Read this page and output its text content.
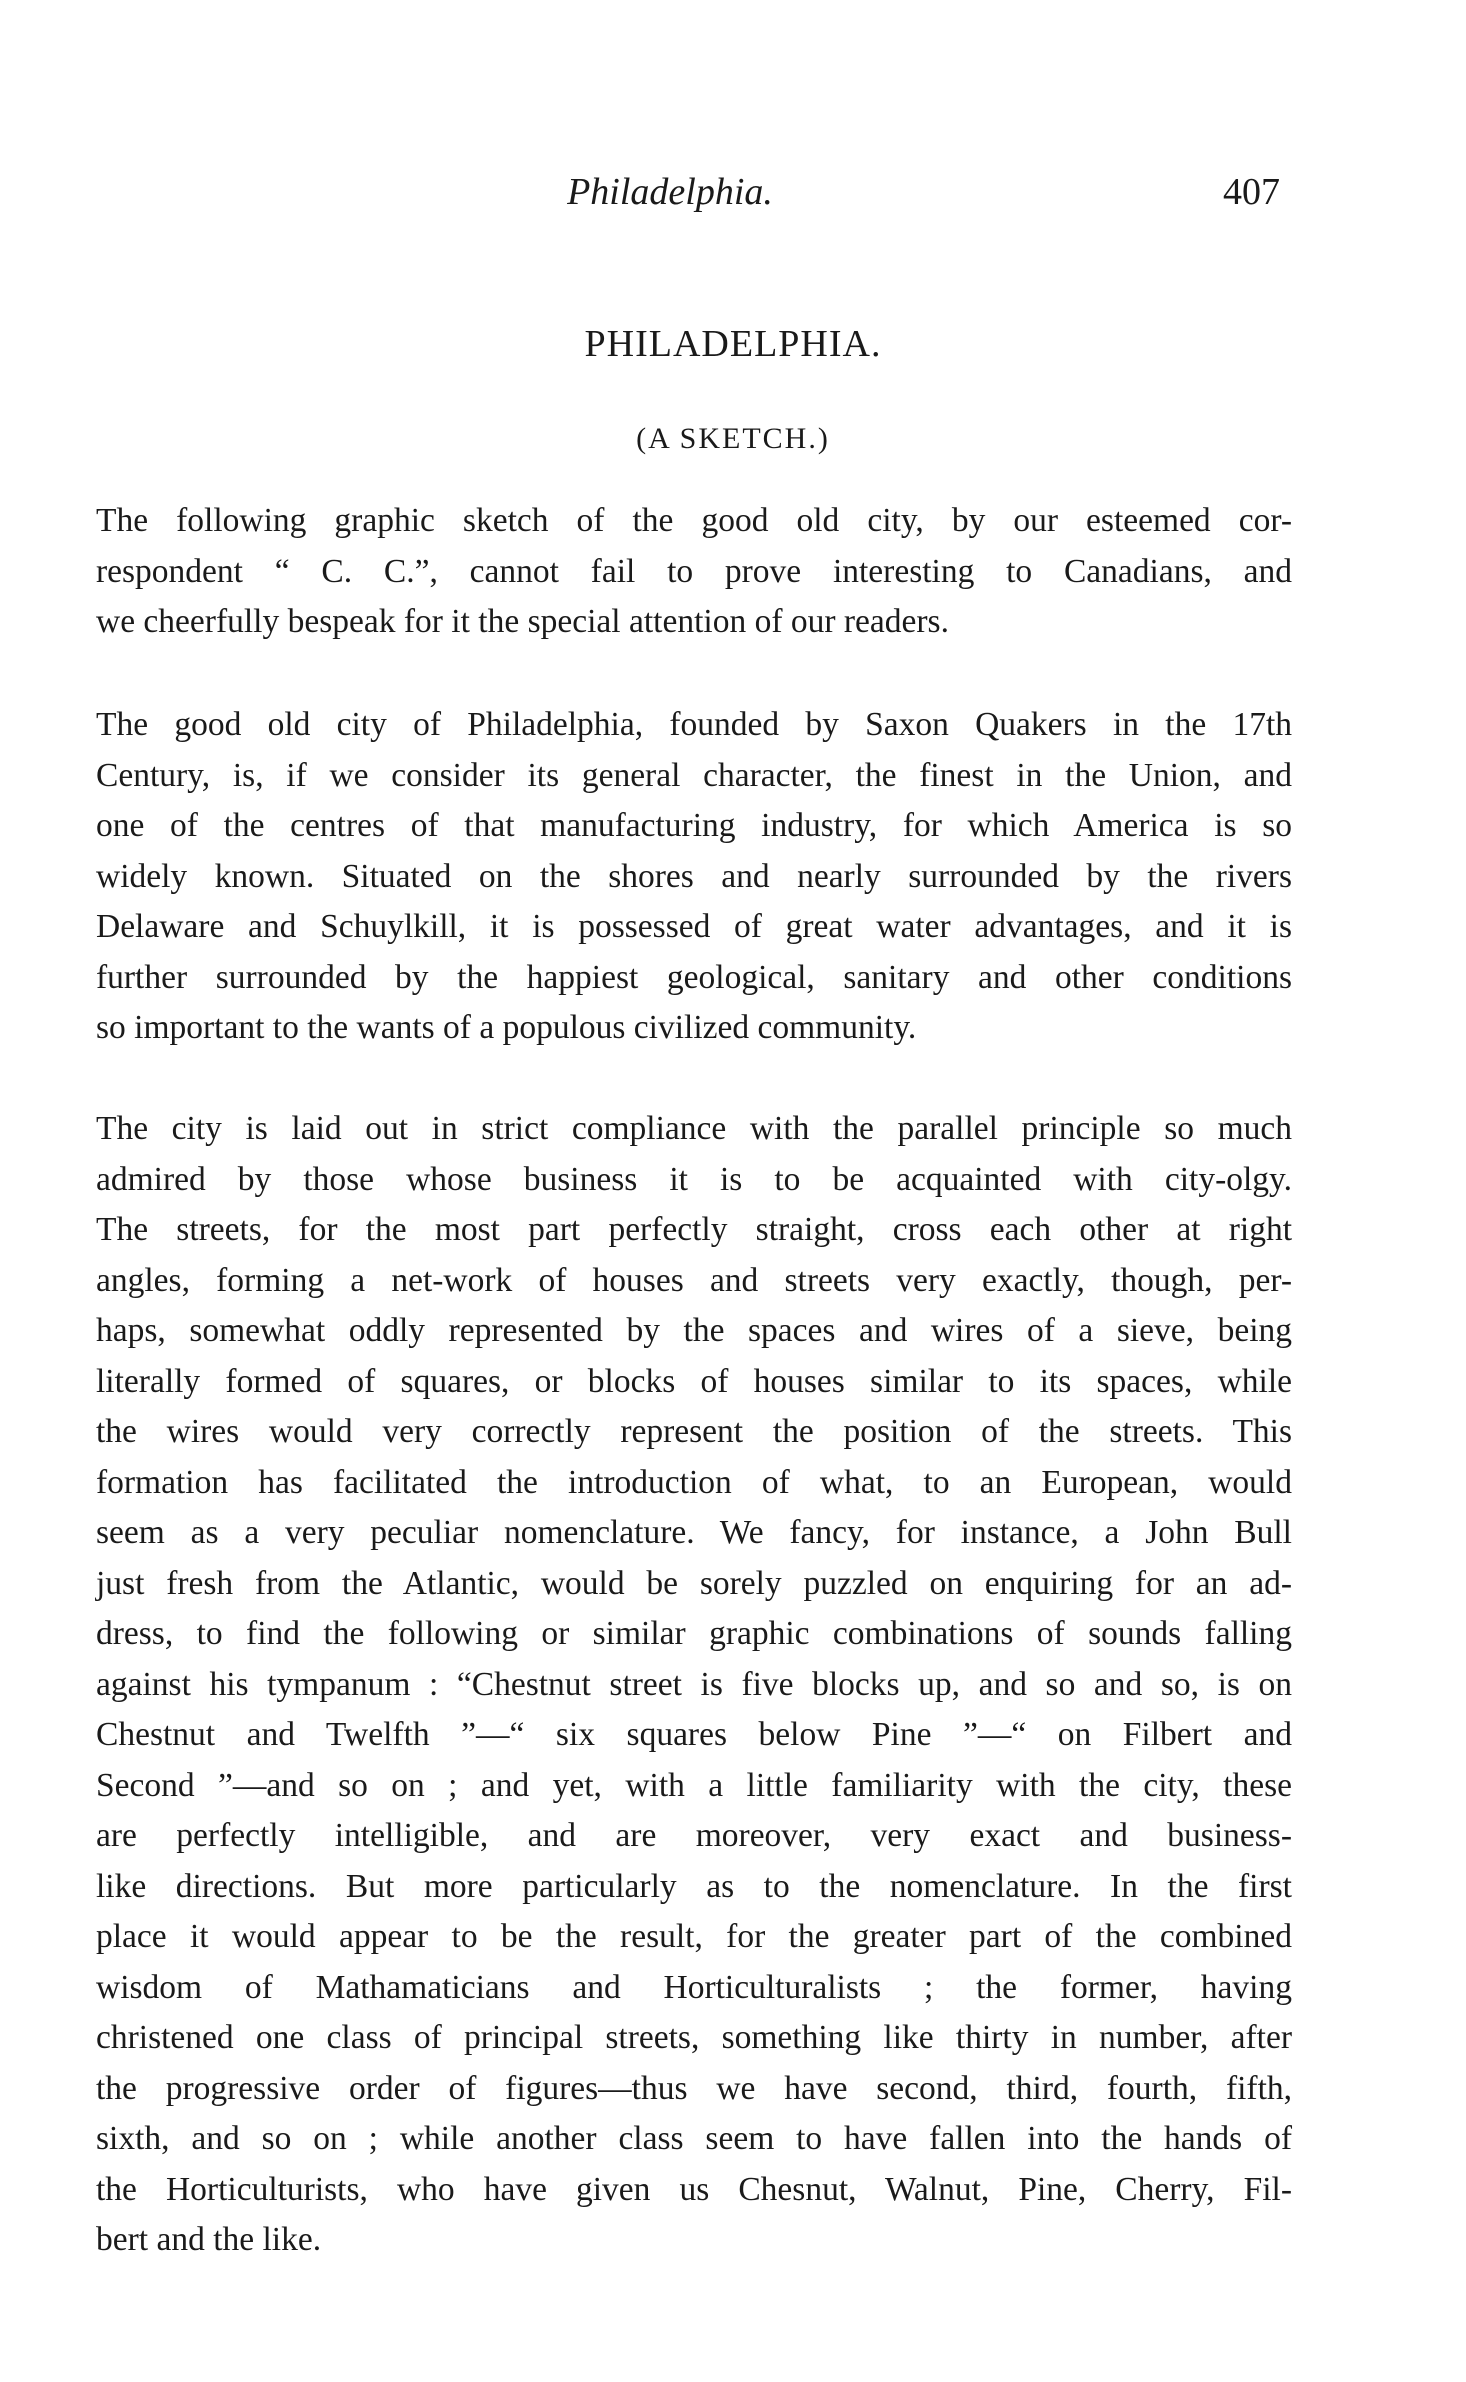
Philadelphia.	407
PHILADELPHIA.
(A SKETCH.)
The following graphic sketch of the good old city, by our esteemed cor-
respondent “ C. C.”, cannot fail to prove interesting to Canadians, and
we cheerfully bespeak for it the special attention of our readers.
The good old city of Philadelphia, founded by Saxon Quakers in the 17th
Century, is, if we consider its general character, the finest in the Union, and
one of the centres of that manufacturing industry, for which America is so
widely known. Situated on the shores and nearly surrounded by the rivers
Delaware and Schuylkill, it is possessed of great water advantages, and it is
further surrounded by the happiest geological, sanitary and other conditions
so important to the wants of a populous civilized community.
The city is laid out in strict compliance with the parallel principle so much
admired by those whose business it is to be acquainted with city-olgy.
The streets, for the most part perfectly straight, cross each other at right
angles, forming a net-work of houses and streets very exactly, though, per-
haps, somewhat oddly represented by the spaces and wires of a sieve, being
literally formed of squares, or blocks of houses similar to its spaces, while
the wires would very correctly represent the position of the streets. This
formation has facilitated the introduction of what, to an European, would
seem as a very peculiar nomenclature. We fancy, for instance, a John Bull
just fresh from the Atlantic, would be sorely puzzled on enquiring for an ad-
dress, to find the following or similar graphic combinations of sounds falling
against his tympanum : “Chestnut street is five blocks up, and so and so, is on
Chestnut and Twelfth ”—“ six squares below Pine ”—“ on Filbert and
Second ”—and so on ; and yet, with a little familiarity with the city, these
are perfectly intelligible, and are moreover, very exact and business-
like directions. But more particularly as to the nomenclature. In the first
place it would appear to be the result, for the greater part of the combined
wisdom of Mathamaticians and Horticulturalists ; the former, having
christened one class of principal streets, something like thirty in number, after
the progressive order of figures—thus we have second, third, fourth, fifth,
sixth, and so on ; while another class seem to have fallen into the hands of
the Horticulturists, who have given us Chesnut, Walnut, Pine, Cherry, Fil-
bert and the like.
